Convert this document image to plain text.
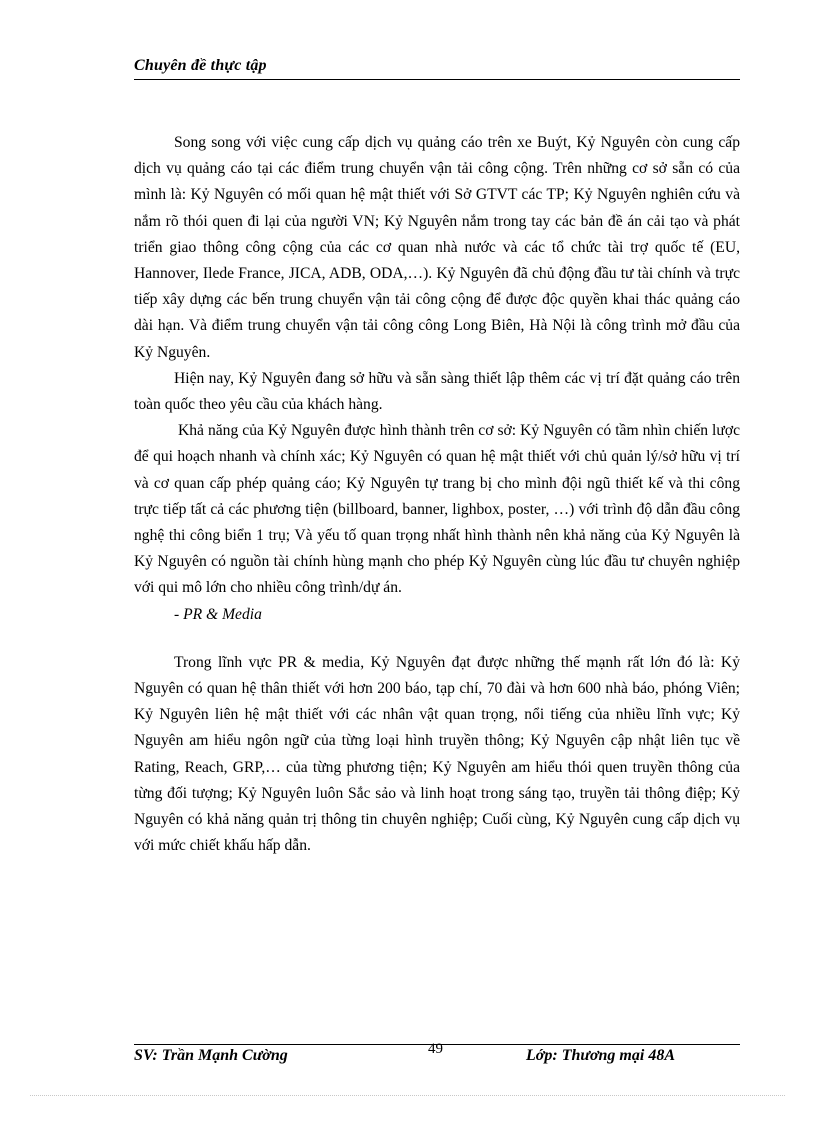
Chuyên đề thực tập

Song song với việc cung cấp dịch vụ quảng cáo trên xe Buýt, Kỷ Nguyên còn cung cấp dịch vụ quảng cáo tại các điểm trung chuyển vận tải công cộng. Trên những cơ sở sẵn có của mình là: Kỷ Nguyên có mối quan hệ mật thiết với Sở GTVT các TP; Kỷ Nguyên nghiên cứu và nắm rõ thói quen đi lại của người VN; Kỷ Nguyên nắm trong tay các bản đề án cải tạo và phát triển giao thông công cộng của các cơ quan nhà nước và các tổ chức tài trợ quốc tế (EU, Hannover, Ilede France, JICA, ADB, ODA,…). Kỷ Nguyên đã chủ động đầu tư tài chính và trực tiếp xây dựng các bến trung chuyển vận tải công cộng để được độc quyền khai thác quảng cáo dài hạn. Và điểm trung chuyển vận tải công công Long Biên, Hà Nội là công trình mở đầu của Kỷ Nguyên.

Hiện nay, Kỷ Nguyên đang sở hữu và sẵn sàng thiết lập thêm các vị trí đặt quảng cáo trên toàn quốc theo yêu cầu của khách hàng.

Khả năng của Kỷ Nguyên được hình thành trên cơ sở: Kỷ Nguyên có tầm nhìn chiến lược để qui hoạch nhanh và chính xác; Kỷ Nguyên có quan hệ mật thiết với chủ quản lý/sở hữu vị trí và cơ quan cấp phép quảng cáo; Kỷ Nguyên tự trang bị cho mình đội ngũ thiết kế và thi công trực tiếp tất cả các phương tiện (billboard, banner, lighbox, poster, …) với trình độ dẫn đầu công nghệ thi công biển 1 trụ; Và yếu tố quan trọng nhất hình thành nên khả năng của Kỷ Nguyên là Kỷ Nguyên có nguồn tài chính hùng mạnh cho phép Kỷ Nguyên cùng lúc đầu tư chuyên nghiệp với qui mô lớn cho nhiều công trình/dự án.

- PR & Media

Trong lĩnh vực PR & media, Kỷ Nguyên đạt được những thế mạnh rất lớn đó là: Kỷ Nguyên có quan hệ thân thiết với hơn 200 báo, tạp chí, 70 đài và hơn 600 nhà báo, phóng Viên; Kỷ Nguyên liên hệ mật thiết với các nhân vật quan trọng, nổi tiếng của nhiều lĩnh vực; Kỷ Nguyên am hiểu ngôn ngữ của từng loại hình truyền thông; Kỷ Nguyên cập nhật liên tục về Rating, Reach, GRP,… của từng phương tiện; Kỷ Nguyên am hiểu thói quen truyền thông của từng đối tượng; Kỷ Nguyên luôn Sắc sảo và linh hoạt trong sáng tạo, truyền tải thông điệp; Kỷ Nguyên có khả năng quản trị thông tin chuyên nghiệp; Cuối cùng, Kỷ Nguyên cung cấp dịch vụ với mức chiết khấu hấp dẫn.

SV: Trần Mạnh Cường	49	Lớp: Thương mại 48A
